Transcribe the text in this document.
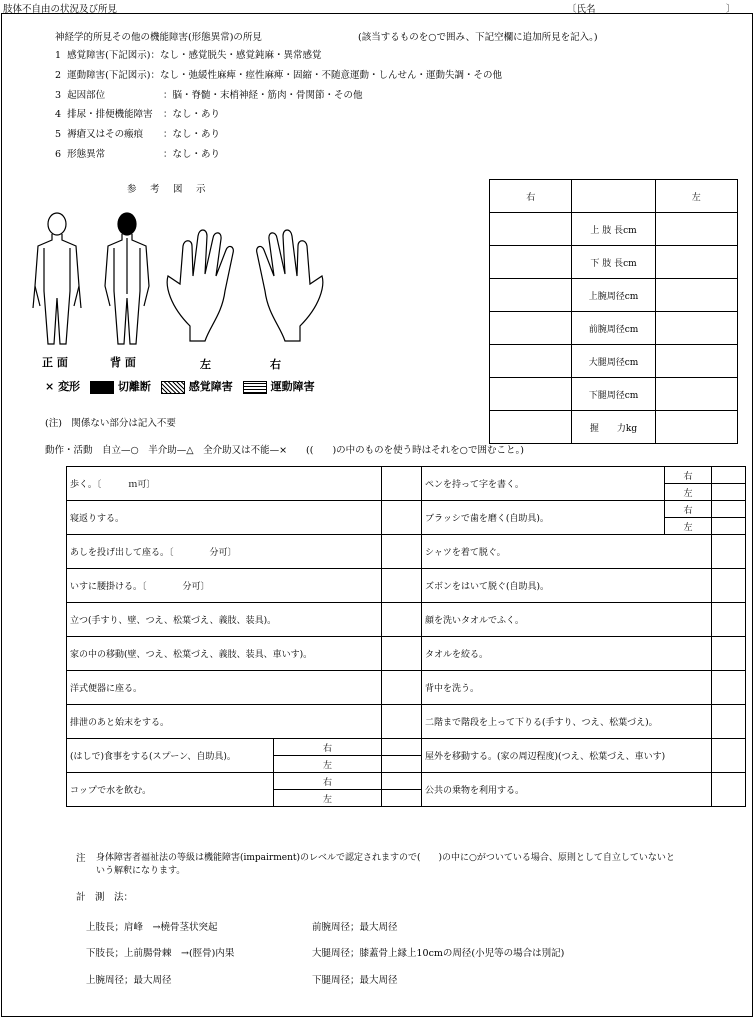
肢体不自由の状況及び所見	〔氏名	〕
神経学的所見その他の機能障害(形態異常)の所見	(該当するものを○で囲み、下記空欄に追加所見を記入。)
1 感覚障害(下記図示)：なし・感覚脱失・感覚鈍麻・異常感覚
2 運動障害(下記図示)：なし・弛緩性麻痺・痙性麻痺・固縮・不随意運動・しんせん・運動失調・その他
3 起因部位	：脳・脊髄・末梢神経・筋肉・骨関節・その他
4 排尿・排便機能障害 ：なし・あり
5 褥瘡又はその瘢痕 ：なし・あり
6 形態異常	：なし・あり
参　考　図　示
正 面	背 面	左	右
× 変形	切離断	感覚障害	運動障害
(注)　関係ない部分は記入不要
右		左
	上 肢 長cm	
	下 肢 長cm	
	上腕周径cm	
	前腕周径cm	
	大腿周径cm	
	下腿周径cm	
	握　　力kg	
動作・活動　自立—○　半介助—△　全介助又は不能—×　　((　　)の中のものを使う時はそれを○で囲むこと。)
歩く。〔　　　ｍ可〕			ペンを持って字を書く。	右	
				左	
寝返りする。			ブラッシで歯を磨く(自助具)。	右	
				左	
あしを投げ出して座る。〔　　　　分可〕			シャツを着て脱ぐ。		
いすに腰掛ける。〔　　　　分可〕			ズボンをはいて脱ぐ(自助具)。		
立つ(手すり、壁、つえ、松葉づえ、義肢、装具)。			顔を洗いタオルでふく。		
家の中の移動(壁、つえ、松葉づえ、義肢、装具、車いす)。			タオルを絞る。		
洋式便器に座る。			背中を洗う。		
排泄のあと始末をする。			二階まで階段を上って下りる(手すり、つえ、松葉づえ)。		
(はしで)食事をする(スプーン、自助具)。	右		屋外を移動する。(家の周辺程度)(つえ、松葉づえ、車いす)		
	左				
コップで水を飲む。	右		公共の乗物を利用する。		
	左				
注 身体障害者福祉法の等級は機能障害(impairment)のレベルで認定されますので(　　)の中に○がついている場合、原則として自立していないと
いう解釈になります。
計　測　法：
上肢長；肩峰　→橈骨茎状突起
下肢長；上前腸骨棘　→(脛骨)内果
上腕周径；最大周径
前腕周径；最大周径
大腿周径；膝蓋骨上縁上10cmの周径(小児等の場合は別記)
下腿周径；最大周径
